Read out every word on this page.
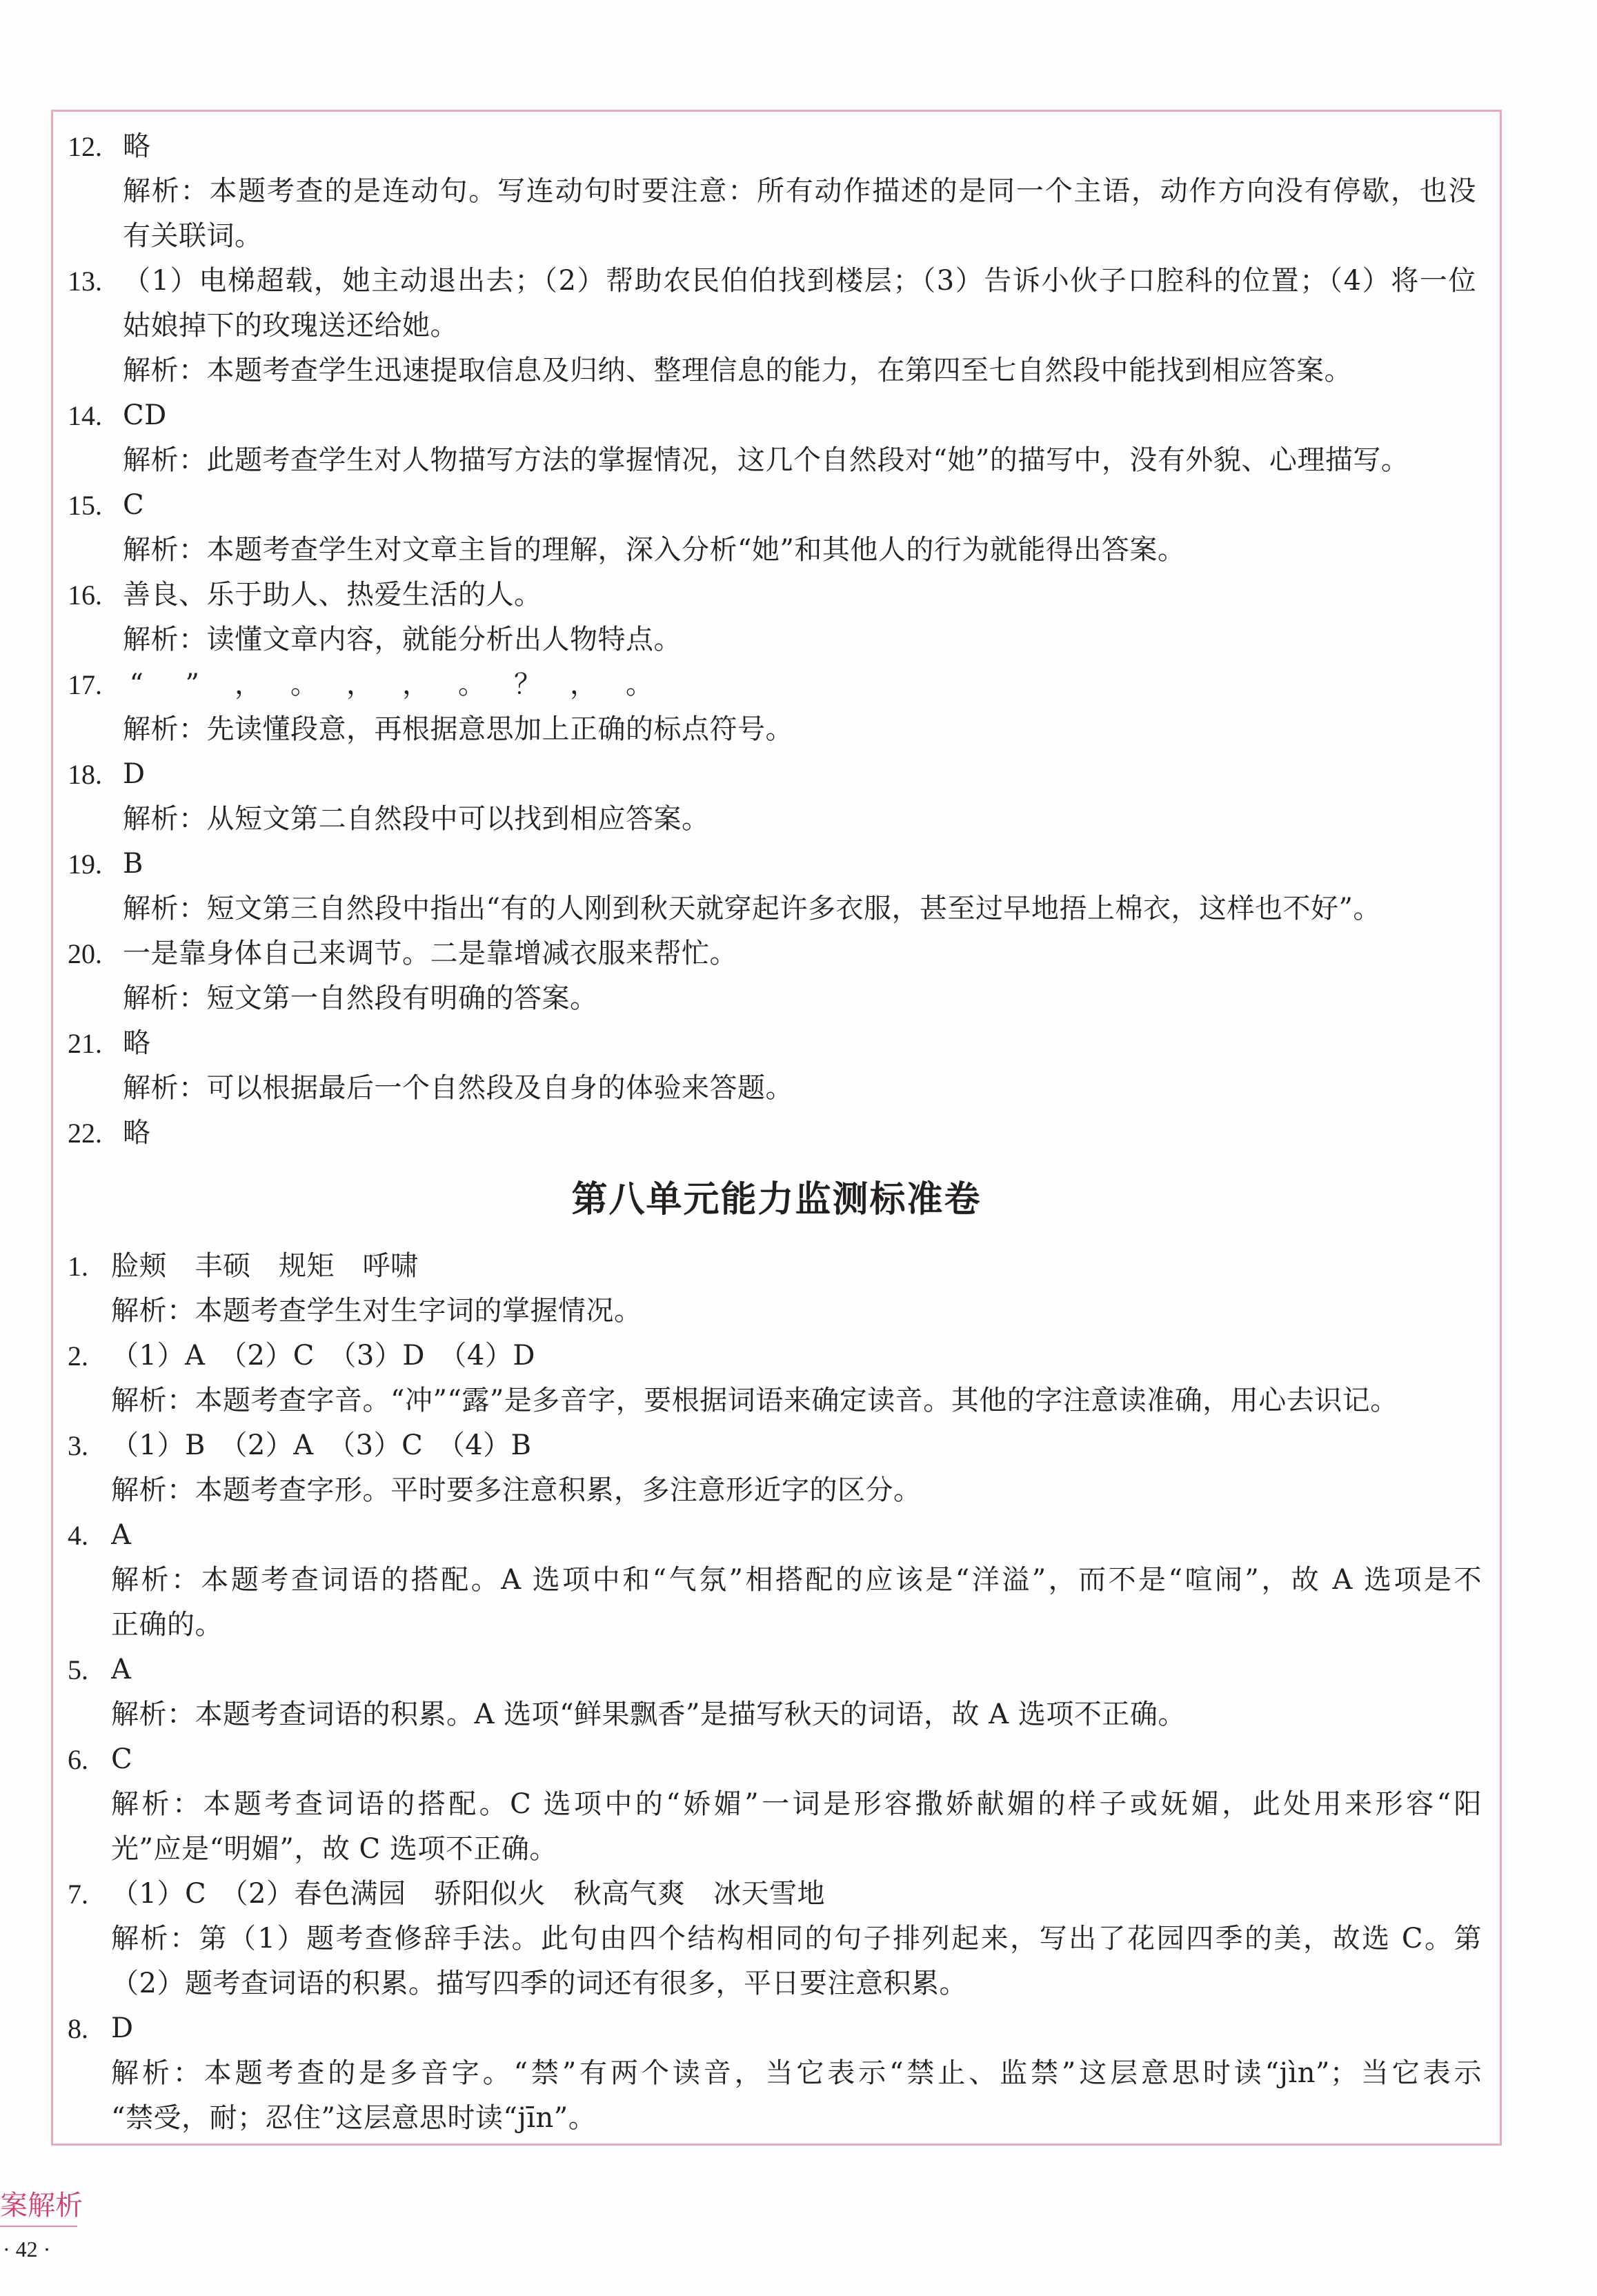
12. 略
解析：本题考查的是连动句。写连动句时要注意：所有动作描述的是同一个主语，动作方向没有停歇，也没
有关联词。
13. （1）电梯超载，她主动退出去；（2）帮助农民伯伯找到楼层；（3）告诉小伙子口腔科的位置；（4）将一位
姑娘掉下的玫瑰送还给她。
解析：本题考查学生迅速提取信息及归纳、整理信息的能力，在第四至七自然段中能找到相应答案。
14. CD
解析：此题考查学生对人物描写方法的掌握情况，这几个自然段对“她”的描写中，没有外貌、心理描写。
15. C
解析：本题考查学生对文章主旨的理解，深入分析“她”和其他人的行为就能得出答案。
16. 善良、乐于助人、热爱生活的人。
解析：读懂文章内容，就能分析出人物特点。
17. “ ” ， 。 ， ， 。 ？ ， 。
解析：先读懂段意，再根据意思加上正确的标点符号。
18. D
解析：从短文第二自然段中可以找到相应答案。
19. B
解析：短文第三自然段中指出“有的人刚到秋天就穿起许多衣服，甚至过早地捂上棉衣，这样也不好”。
20. 一是靠身体自己来调节。二是靠增减衣服来帮忙。
解析：短文第一自然段有明确的答案。
21. 略
解析：可以根据最后一个自然段及自身的体验来答题。
22. 略
第八单元能力监测标准卷
1. 脸颊　丰硕　规矩　呼啸
解析：本题考查学生对生字词的掌握情况。
2. （1）A　（2）C　（3）D　（4）D
解析：本题考查字音。“冲”“露”是多音字，要根据词语来确定读音。其他的字注意读准确，用心去识记。
3. （1）B　（2）A　（3）C　（4）B
解析：本题考查字形。平时要多注意积累，多注意形近字的区分。
4. A
解析：本题考查词语的搭配。A 选项中和“气氛”相搭配的应该是“洋溢”，而不是“喧闹”，故 A 选项是不
正确的。
5. A
解析：本题考查词语的积累。A 选项“鲜果飘香”是描写秋天的词语，故 A 选项不正确。
6. C
解析：本题考查词语的搭配。C 选项中的“娇媚”一词是形容撒娇献媚的样子或妩媚，此处用来形容“阳
光”应是“明媚”，故 C 选项不正确。
7. （1）C　（2）春色满园　骄阳似火　秋高气爽　冰天雪地
解析：第（1）题考查修辞手法。此句由四个结构相同的句子排列起来，写出了花园四季的美，故选 C。第
（2）题考查词语的积累。描写四季的词还有很多，平日要注意积累。
8. D
解析：本题考查的是多音字。“禁”有两个读音，当它表示“禁止、监禁”这层意思时读“jìn”；当它表示
“禁受，耐；忍住”这层意思时读“jīn”。
案解析
· 42 ·
